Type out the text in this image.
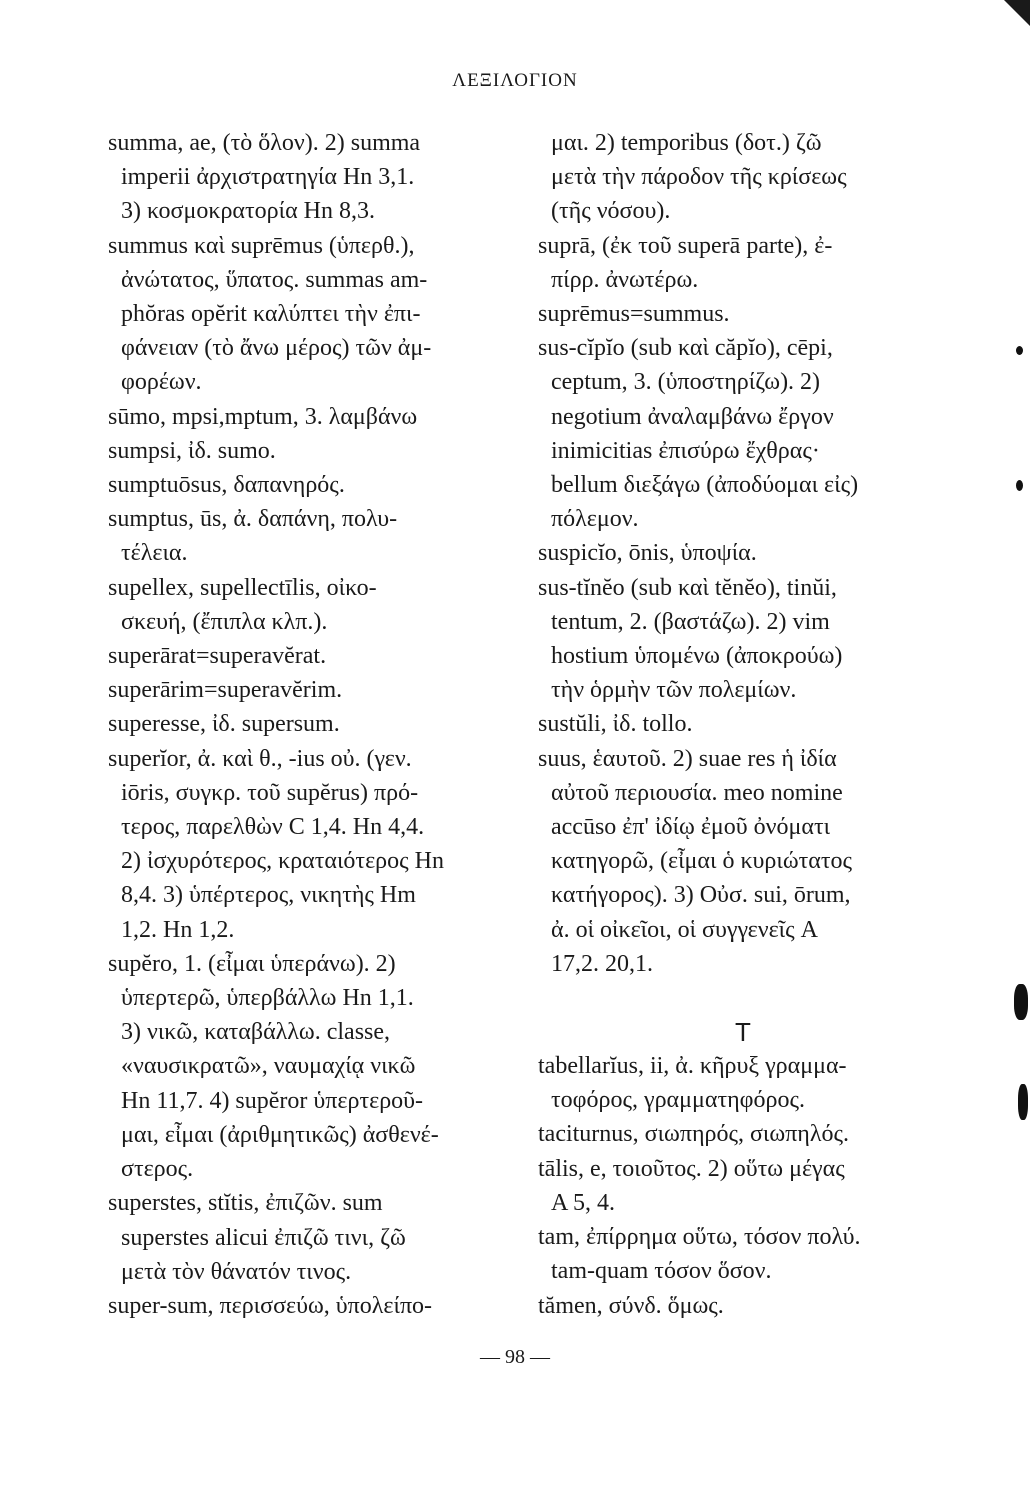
ΛΕΞΙΛΟΓΙΟΝ
summa, ae, (τὸ ὅλον). 2) summa
imperii ἀρχιστρατηγία Hn 3,1.
3) κοσμοκρατορία Hn 8,3.
summus καὶ suprēmus (ὑπερθ.),
ἀνώτατος, ὕπατος. summas am-
phŏras opĕrit καλύπτει τὴν ἐπι-
φάνειαν (τὸ ἄνω μέρος) τῶν ἀμ-
φορέων.
sūmo, mpsi,mptum, 3. λαμβάνω
sumpsi, ἰδ. sumo.
sumptuōsus, δαπανηρός.
sumptus, ūs, ἀ. δαπάνη, πολυ-
τέλεια.
supellex, supellectīlis, οἰκο-
σκευή, (ἔπιπλα κλπ.).
superārat=superavĕrat.
superārim=superavĕrim.
superesse, ἰδ. supersum.
superĭor, ἀ. καὶ θ., -ius οὐ. (γεν.
iōris, συγκρ. τοῦ supĕrus) πρό-
τερος, παρελθὼν C 1,4. Hn 4,4.
2) ἰσχυρότερος, κραταιότερος Hn
8,4. 3) ὑπέρτερος, νικητὴς Hm
1,2. Hn 1,2.
supĕro, 1. (εἶμαι ὑπεράνω). 2)
ὑπερτερῶ, ὑπερβάλλω Hn 1,1.
3) νικῶ, καταβάλλω. classe,
«ναυσικρατῶ», ναυμαχίᾳ νικῶ
Hn 11,7. 4) supĕror ὑπερτεροῦ-
μαι, εἶμαι (ἀριθμητικῶς) ἀσθενέ-
στερος.
superstes, stĭtis, ἐπιζῶν. sum
superstes alicui ἐπιζῶ τινι, ζῶ
μετὰ τὸν θάνατόν τινος.
super-sum, περισσεύω, ὑπολείπο-
μαι. 2) temporibus (δοτ.) ζῶ
μετὰ τὴν πάροδον τῆς κρίσεως
(τῆς νόσου).
suprā, (ἐκ τοῦ superā parte), ἐ-
πίρρ. ἀνωτέρω.
suprēmus=summus.
sus-cĭpĭo (sub καὶ căpĭo), cēpi,
ceptum, 3. (ὑποστηρίζω). 2)
negotium ἀναλαμβάνω ἔργον
inimicitias ἐπισύρω ἔχθρας·
bellum διεξάγω (ἀποδύομαι εἰς)
πόλεμον.
suspicĭo, ōnis, ὑποψία.
sus-tĭnĕo (sub καὶ tĕnĕo), tinŭi,
tentum, 2. (βαστάζω). 2) vim
hostium ὑπομένω (ἀποκρούω)
τὴν ὁρμὴν τῶν πολεμίων.
sustŭli, ἰδ. tollo.
suus, ἑαυτοῦ. 2) suae res ἡ ἰδία
αὐτοῦ περιουσία. meo nomine
accūso ἐπ' ἰδίῳ ἐμοῦ ὀνόματι
κατηγορῶ, (εἶμαι ὁ κυριώτατος
κατήγορος). 3) Οὐσ. sui, ōrum,
ἀ. οἱ οἰκεῖοι, οἱ συγγενεῖς A
17,2. 20,1.
T
tabellarĭus, ii, ἀ. κῆρυξ γραμμα-
τοφόρος, γραμματηφόρος.
taciturnus, σιωπηρός, σιωπηλός.
tālis, e, τοιοῦτος. 2) οὕτω μέγας
A 5, 4.
tam, ἐπίρρημα οὕτω, τόσον πολύ.
tam-quam τόσον ὅσον.
tămen, σύνδ. ὅμως.
— 98 —
